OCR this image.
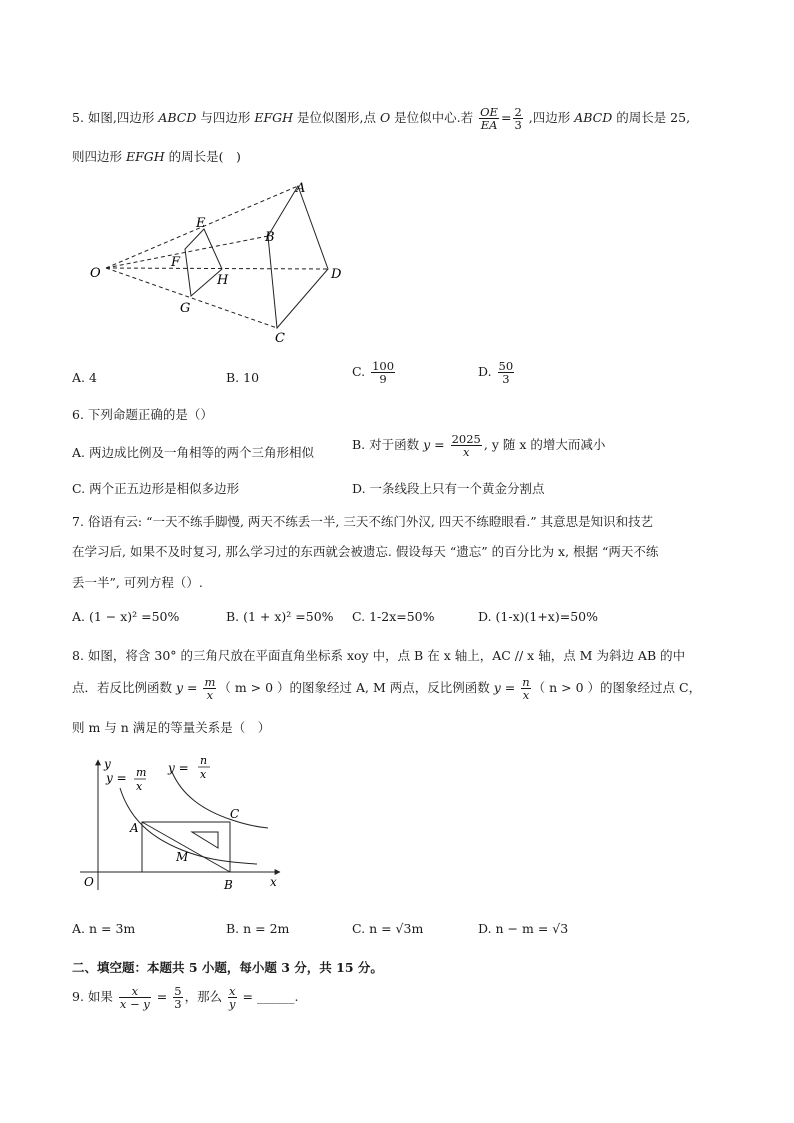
5. 如图,四边形 ABCD 与四边形 EFGH 是位似图形,点 O 是位似中心.若 $\frac{OE}{EA} = \frac{2}{3}$ ,四边形 ABCD 的周长是 25,
则四边形 EFGH 的周长是(　)
O
A
B
C
D
E
F
G
H
A. 4	B. 10	C. $\frac{100}{9}$	D. $\frac{50}{3}$
6. 下列命题正确的是（）
A. 两边成比例及一角相等的两个三角形相似
B. 对于函数 $y = \frac{2025}{x}$ , y 随 x 的增大而减小
C. 两个正五边形是相似多边形	D. 一条线段上只有一个黄金分割点
7. 俗语有云: “一天不练手脚慢, 两天不练丢一半, 三天不练门外汉, 四天不练瞪眼看.” 其意思是知识和技艺
在学习后, 如果不及时复习, 那么学习过的东西就会被遗忘. 假设每天 “遗忘” 的百分比为 x, 根据 “两天不练
丢一半”, 可列方程（）.
A. (1 − x)² =50%	B. (1 + x)² =50% C. 1-2x=50%	D. (1-x)(1+x)=50%
8. 如图，将含 30° 的三角尺放在平面直角坐标系 xoy 中，点 B 在 x 轴上，AC // x 轴，点 M 为斜边 AB 的中
点．若反比例函数 $y = \frac{m}{x}$ （ m > 0 ）的图象经过 A, M 两点，反比例函数 $y = \frac{n}{x}$ （ n > 0 ）的图象经过点 C，
则 m 与 n 满足的等量关系是（　）
y
x
O
A
B
C
M
y = m
x
y =
n
x
A. n = 3m	B. n = 2m	C. n = √3m	D. n − m = √3
二、填空题：本题共 5 小题，每小题 3 分，共 15 分。
9. 如果 $\frac{x}{x - y} = \frac{5}{3}$ ，那么 $\frac{x}{y}$ = ______.
